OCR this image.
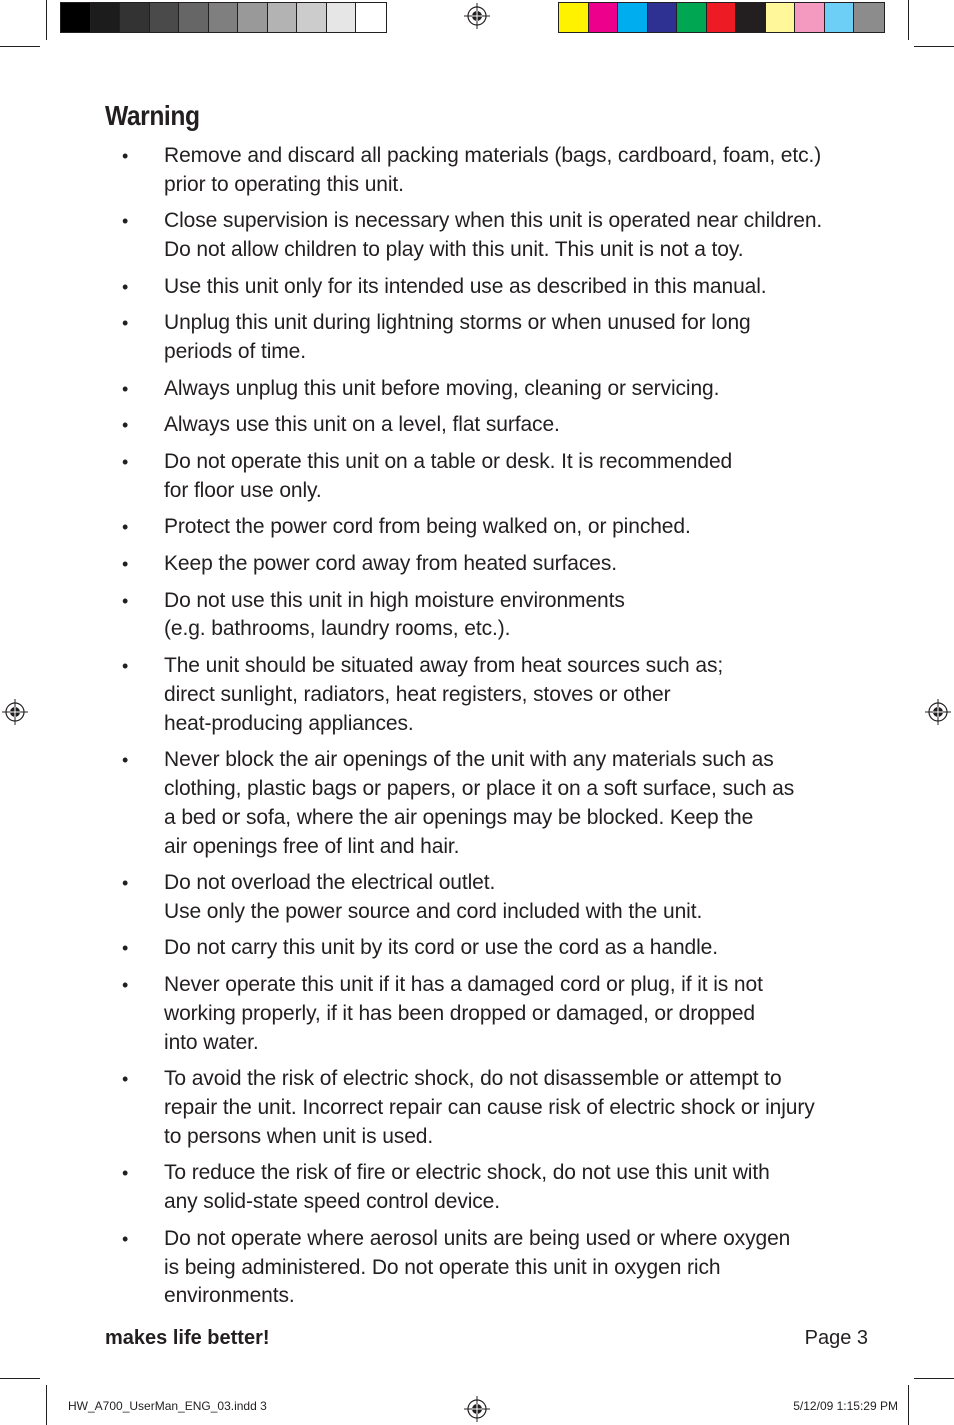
Warning
• Remove and discard all packing materials (bags, cardboard, foam, etc.)
prior to operating this unit.
• Close supervision is necessary when this unit is operated near children.
Do not allow children to play with this unit. This unit is not a toy.
• Use this unit only for its intended use as described in this manual.
• Unplug this unit during lightning storms or when unused for long
periods of time.
• Always unplug this unit before moving, cleaning or servicing.
• Always use this unit on a level, flat surface.
• Do not operate this unit on a table or desk. It is recommended
for floor use only.
• Protect the power cord from being walked on, or pinched.
• Keep the power cord away from heated surfaces.
• Do not use this unit in high moisture environments
(e.g. bathrooms, laundry rooms, etc.).
• The unit should be situated away from heat sources such as;
direct sunlight, radiators, heat registers, stoves or other
heat-producing appliances.
• Never block the air openings of the unit with any materials such as
clothing, plastic bags or papers, or place it on a soft surface, such as
a bed or sofa, where the air openings may be blocked. Keep the
air openings free of lint and hair.
• Do not overload the electrical outlet.
Use only the power source and cord included with the unit.
• Do not carry this unit by its cord or use the cord as a handle.
• Never operate this unit if it has a damaged cord or plug, if it is not
working properly, if it has been dropped or damaged, or dropped
into water.
• To avoid the risk of electric shock, do not disassemble or attempt to
repair the unit. Incorrect repair can cause risk of electric shock or injury
to persons when unit is used.
• To reduce the risk of fire or electric shock, do not use this unit with
any solid-state speed control device.
• Do not operate where aerosol units are being used or where oxygen
is being administered. Do not operate this unit in oxygen rich
environments.
makes life better!	Page 3
HW_A700_UserMan_ENG_03.indd 3	5/12/09 1:15:29 PM
